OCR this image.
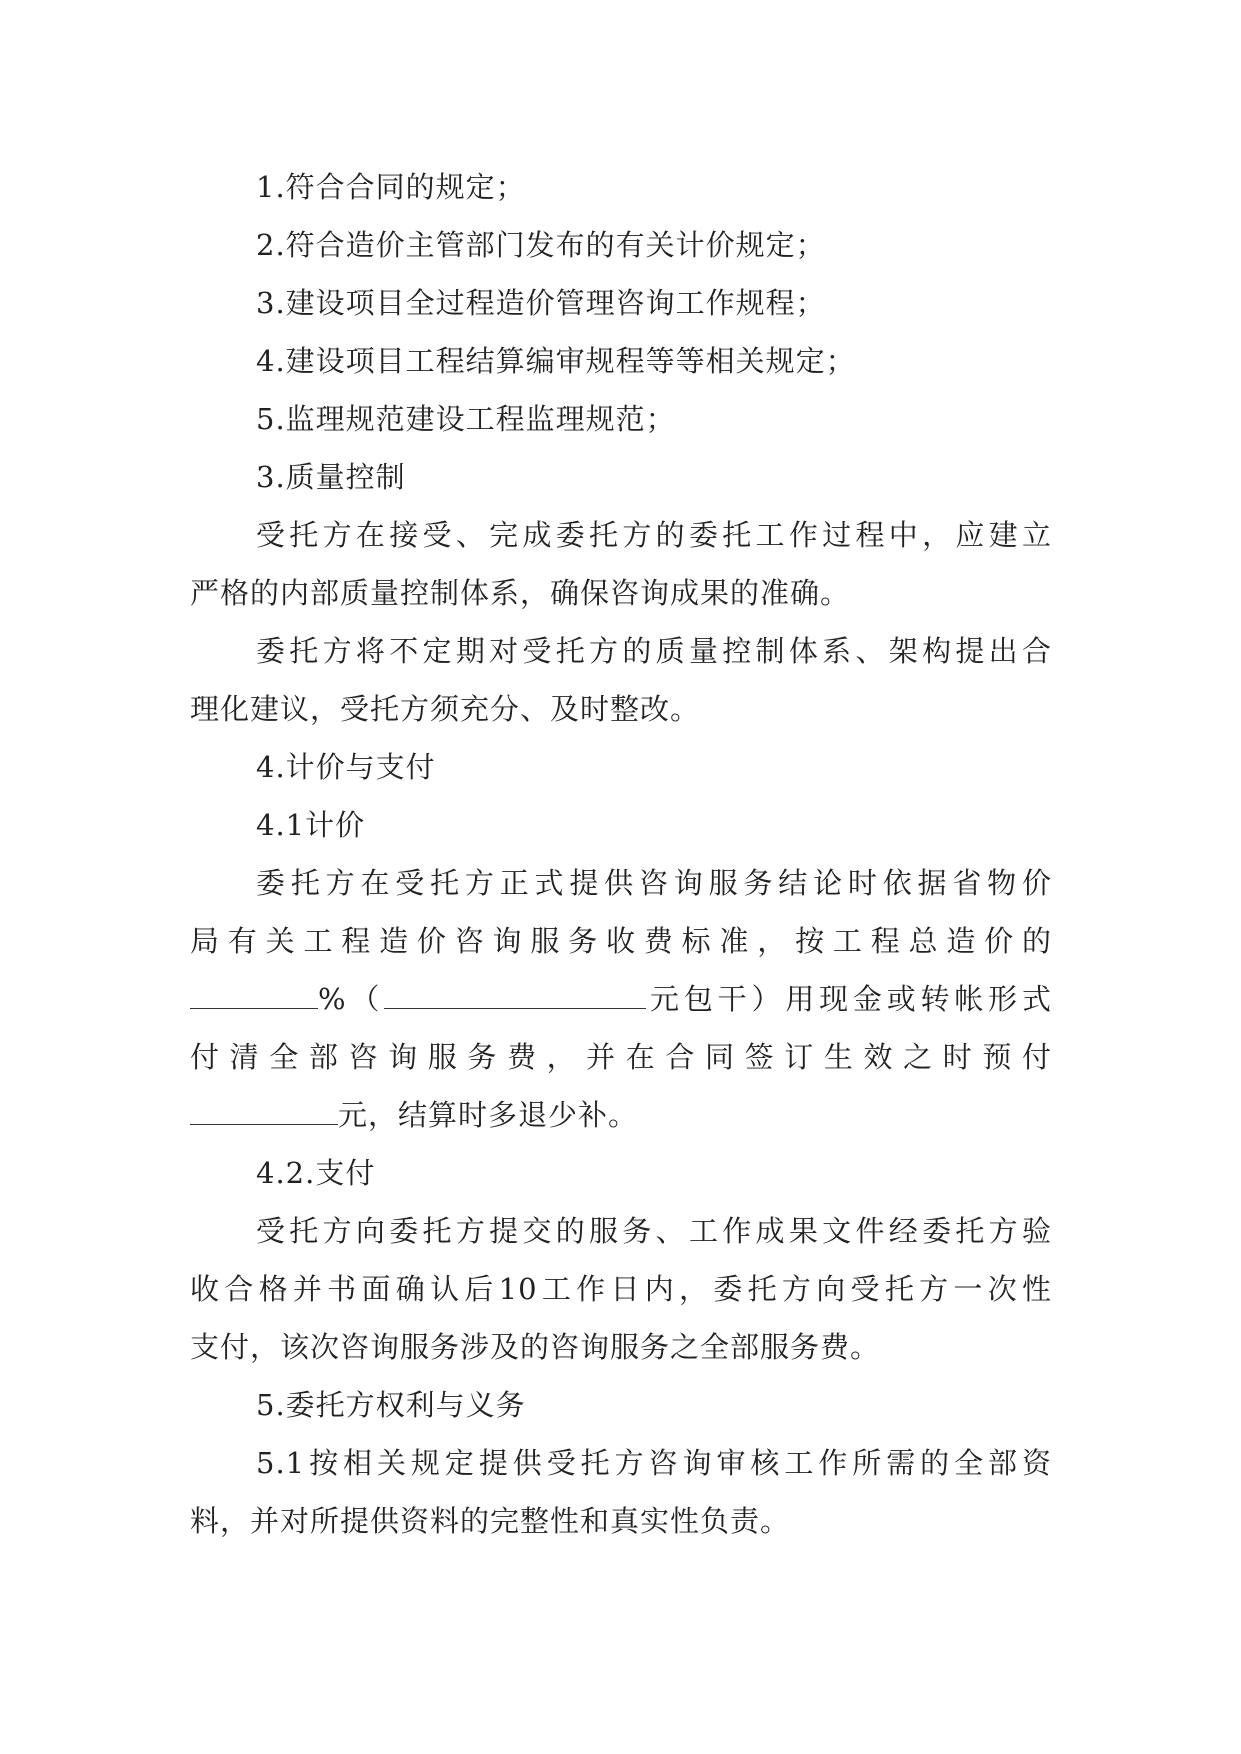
1.符合合同的规定；
2.符合造价主管部门发布的有关计价规定；
3.建设项目全过程造价管理咨询工作规程；
4.建设项目工程结算编审规程等等相关规定；
5.监理规范建设工程监理规范；
3.质量控制
受托方在接受、完成委托方的委托工作过程中，应建立
严格的内部质量控制体系，确保咨询成果的准确。
委托方将不定期对受托方的质量控制体系、架构提出合
理化建议，受托方须充分、及时整改。
4.计价与支付
4.1计价
委托方在受托方正式提供咨询服务结论时依据省物价
局有关工程造价咨询服务收费标准，按工程总造价的
%（	元包干）用现金或转帐形式
付清全部咨询服务费，并在合同签订生效之时预付
元，结算时多退少补。
4.2.支付
受托方向委托方提交的服务、工作成果文件经委托方验
收合格并书面确认后10工作日内，委托方向受托方一次性
支付，该次咨询服务涉及的咨询服务之全部服务费。
5.委托方权利与义务
5.1按相关规定提供受托方咨询审核工作所需的全部资
料，并对所提供资料的完整性和真实性负责。
